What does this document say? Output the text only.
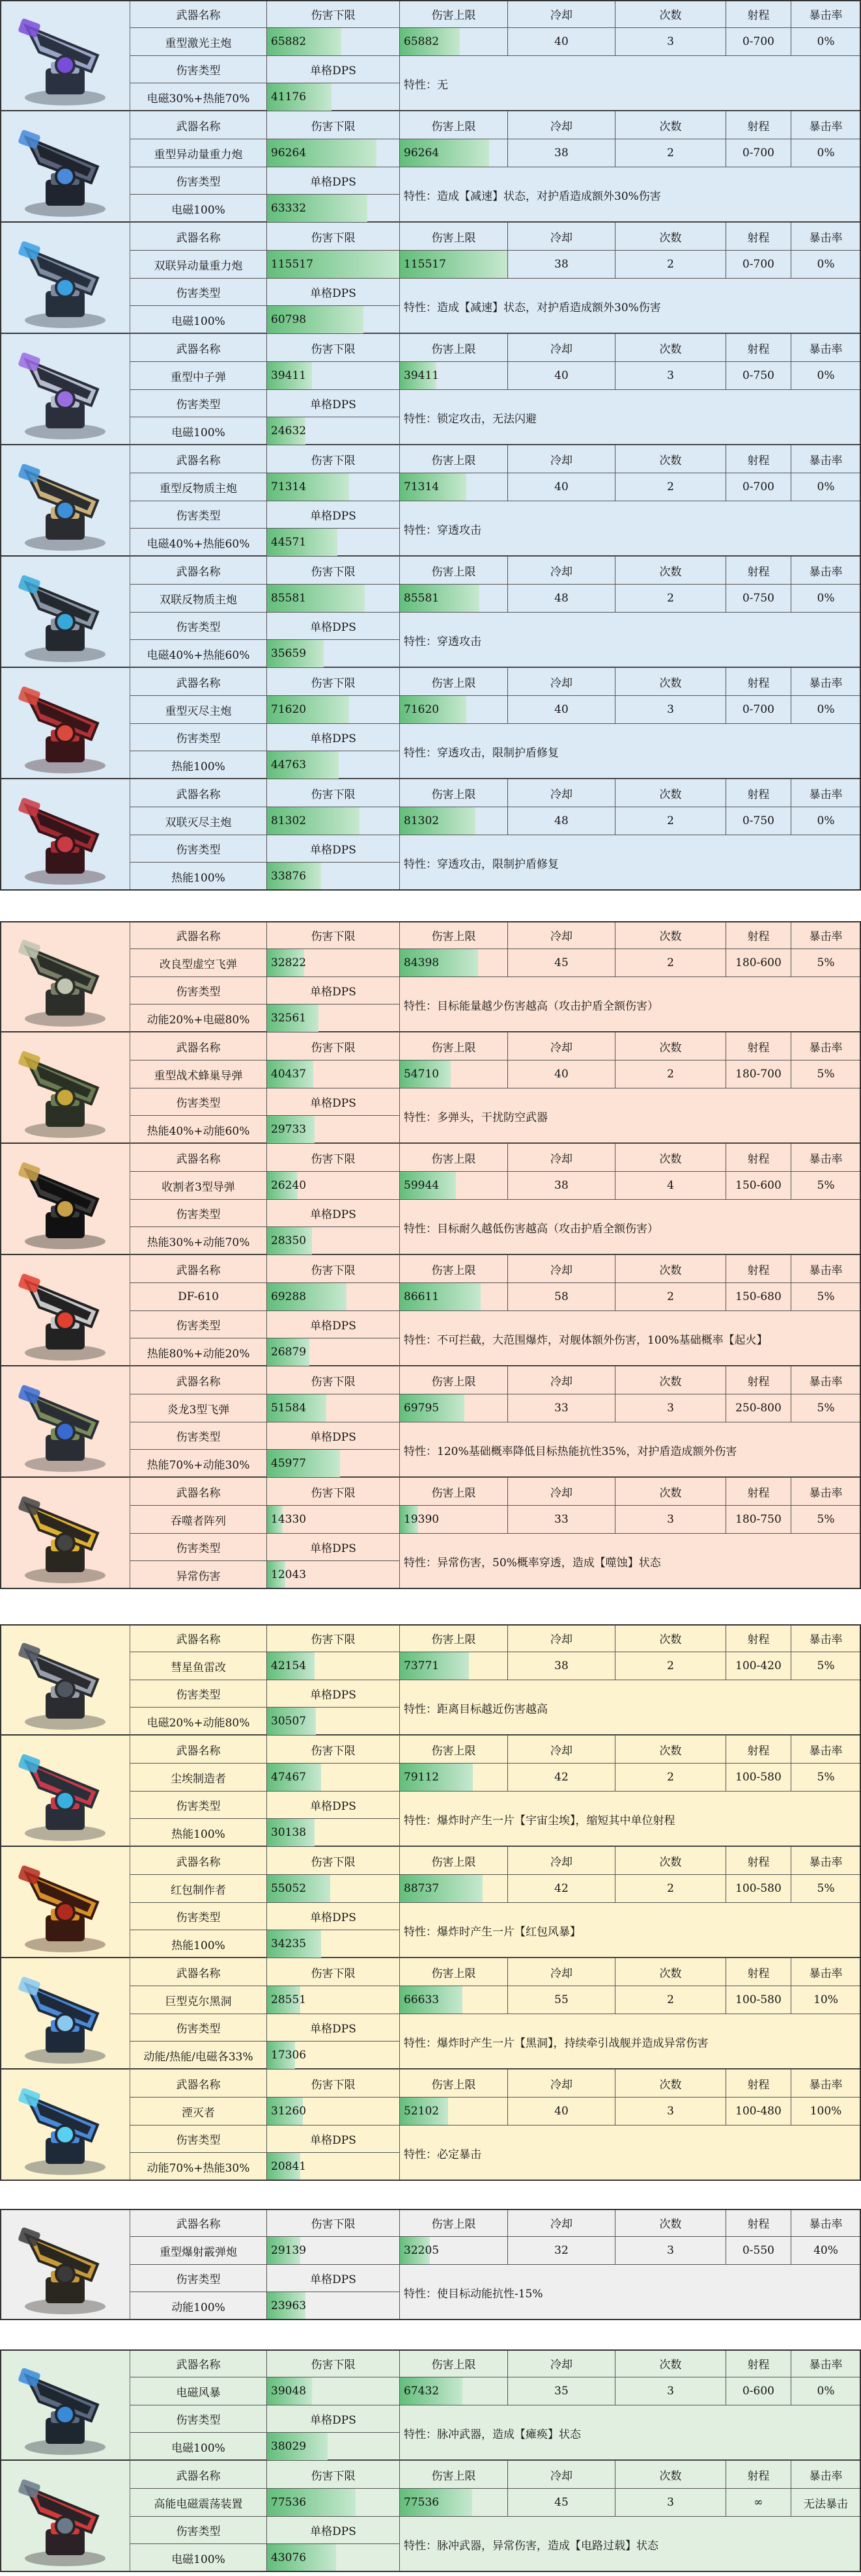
武器名称	伤害下限	伤害上限	冷却	次数	射程	暴击率
重型激光主炮	65882	65882	40	3	0-700	0%
伤害类型	单格DPS
电磁30%+热能70%	41176
特性：无
武器名称	伤害下限	伤害上限	冷却	次数	射程	暴击率
重型异动量重力炮	96264	96264	38	2	0-700	0%
伤害类型	单格DPS
电磁100%	63332
特性：造成【减速】状态，对护盾造成额外30%伤害
武器名称	伤害下限	伤害上限	冷却	次数	射程	暴击率
双联异动量重力炮	115517	115517	38	2	0-700	0%
伤害类型	单格DPS
电磁100%	60798
特性：造成【减速】状态，对护盾造成额外30%伤害
武器名称	伤害下限	伤害上限	冷却	次数	射程	暴击率
重型中子弹	39411	39411	40	3	0-750	0%
伤害类型	单格DPS
电磁100%	24632
特性：锁定攻击，无法闪避
武器名称	伤害下限	伤害上限	冷却	次数	射程	暴击率
重型反物质主炮	71314	71314	40	2	0-700	0%
伤害类型	单格DPS
电磁40%+热能60%	44571
特性：穿透攻击
武器名称	伤害下限	伤害上限	冷却	次数	射程	暴击率
双联反物质主炮	85581	85581	48	2	0-750	0%
伤害类型	单格DPS
电磁40%+热能60%	35659
特性：穿透攻击
武器名称	伤害下限	伤害上限	冷却	次数	射程	暴击率
重型灭尽主炮	71620	71620	40	3	0-700	0%
伤害类型	单格DPS
热能100%	44763
特性：穿透攻击，限制护盾修复
武器名称	伤害下限	伤害上限	冷却	次数	射程	暴击率
双联灭尽主炮	81302	81302	48	2	0-750	0%
伤害类型	单格DPS
热能100%	33876
特性：穿透攻击，限制护盾修复
武器名称	伤害下限	伤害上限	冷却	次数	射程	暴击率
改良型虚空飞弹	32822	84398	45	2	180-600	5%
伤害类型	单格DPS
动能20%+电磁80%	32561
特性：目标能量越少伤害越高（攻击护盾全额伤害）
武器名称	伤害下限	伤害上限	冷却	次数	射程	暴击率
重型战术蜂巢导弹	40437	54710	40	2	180-700	5%
伤害类型	单格DPS
热能40%+动能60%	29733
特性：多弹头，干扰防空武器
武器名称	伤害下限	伤害上限	冷却	次数	射程	暴击率
收割者3型导弹	26240	59944	38	4	150-600	5%
伤害类型	单格DPS
热能30%+动能70%	28350
特性：目标耐久越低伤害越高（攻击护盾全额伤害）
武器名称	伤害下限	伤害上限	冷却	次数	射程	暴击率
DF-610	69288	86611	58	2	150-680	5%
伤害类型	单格DPS
热能80%+动能20%	26879
特性：不可拦截，大范围爆炸，对舰体额外伤害，100%基础概率【起火】
武器名称	伤害下限	伤害上限	冷却	次数	射程	暴击率
炎龙3型飞弹	51584	69795	33	3	250-800	5%
伤害类型	单格DPS
热能70%+动能30%	45977
特性：120%基础概率降低目标热能抗性35%，对护盾造成额外伤害
武器名称	伤害下限	伤害上限	冷却	次数	射程	暴击率
吞噬者阵列	14330	19390	33	3	180-750	5%
伤害类型	单格DPS
异常伤害	12043
特性：异常伤害，50%概率穿透，造成【噬蚀】状态
武器名称	伤害下限	伤害上限	冷却	次数	射程	暴击率
彗星鱼雷改	42154	73771	38	2	100-420	5%
伤害类型	单格DPS
电磁20%+动能80%	30507
特性：距离目标越近伤害越高
武器名称	伤害下限	伤害上限	冷却	次数	射程	暴击率
尘埃制造者	47467	79112	42	2	100-580	5%
伤害类型	单格DPS
热能100%	30138
特性：爆炸时产生一片【宇宙尘埃】，缩短其中单位射程
武器名称	伤害下限	伤害上限	冷却	次数	射程	暴击率
红包制作者	55052	88737	42	2	100-580	5%
伤害类型	单格DPS
热能100%	34235
特性：爆炸时产生一片【红包风暴】
武器名称	伤害下限	伤害上限	冷却	次数	射程	暴击率
巨型克尔黑洞	28551	66633	55	2	100-580	10%
伤害类型	单格DPS
动能/热能/电磁各33%	17306
特性：爆炸时产生一片【黑洞】，持续牵引战舰并造成异常伤害
武器名称	伤害下限	伤害上限	冷却	次数	射程	暴击率
湮灭者	31260	52102	40	3	100-480	100%
伤害类型	单格DPS
动能70%+热能30%	20841
特性：必定暴击
武器名称	伤害下限	伤害上限	冷却	次数	射程	暴击率
重型爆射霰弹炮	29139	32205	32	3	0-550	40%
伤害类型	单格DPS
动能100%	23963
特性：使目标动能抗性-15%
武器名称	伤害下限	伤害上限	冷却	次数	射程	暴击率
电磁风暴	39048	67432	35	3	0-600	0%
伤害类型	单格DPS
电磁100%	38029
特性：脉冲武器，造成【瘫痪】状态
武器名称	伤害下限	伤害上限	冷却	次数	射程	暴击率
高能电磁震荡装置	77536	77536	45	3	∞	无法暴击
伤害类型	单格DPS
电磁100%	43076
特性：脉冲武器，异常伤害，造成【电路过载】状态
